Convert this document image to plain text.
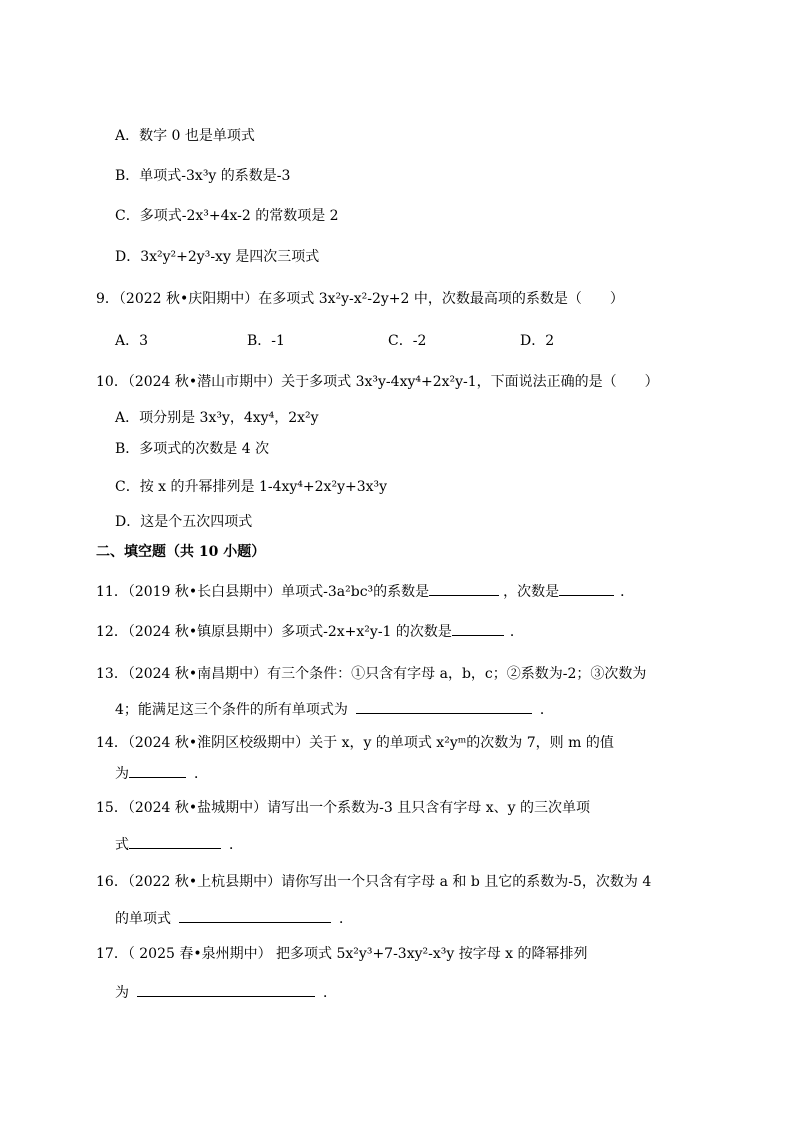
A．数字 0 也是单项式
B．单项式-3x³y 的系数是-3
C．多项式-2x³+4x-2 的常数项是 2
D．3x²y²+2y³-xy 是四次三项式
9．（2022 秋•庆阳期中）在多项式 3x²y-x²-2y+2 中，次数最高项的系数是（　　）
A．3	B．-1	C．-2	D．2
10．（2024 秋•潜山市期中）关于多项式 3x³y-4xy⁴+2x²y-1，下面说法正确的是（　　）
A．项分别是 3x³y，4xy⁴，2x²y
B．多项式的次数是 4 次
C．按 x 的升幂排列是 1-4xy⁴+2x²y+3x³y
D．这是个五次四项式
二、填空题（共 10 小题）
11．（2019 秋•长白县期中）单项式-3a²bc³的系数是	，次数是	．
12．（2024 秋•镇原县期中）多项式-2x+x²y-1 的次数是	．
13．（2024 秋•南昌期中）有三个条件：①只含有字母 a，b，c；②系数为-2；③次数为
4；能满足这三个条件的所有单项式为	．
14．（2024 秋•淮阴区校级期中）关于 x，y 的单项式 x²yᵐ的次数为 7，则 m 的值
为	．
15．（2024 秋•盐城期中）请写出一个系数为-3 且只含有字母 x、y 的三次单项
式	．
16．（2022 秋•上杭县期中）请你写出一个只含有字母 a 和 b 且它的系数为-5，次数为 4
的单项式	．
17．（ 2025 春•泉州期中） 把多项式 5x²y³+7-3xy²-x³y 按字母 x 的降幂排列
为	．
